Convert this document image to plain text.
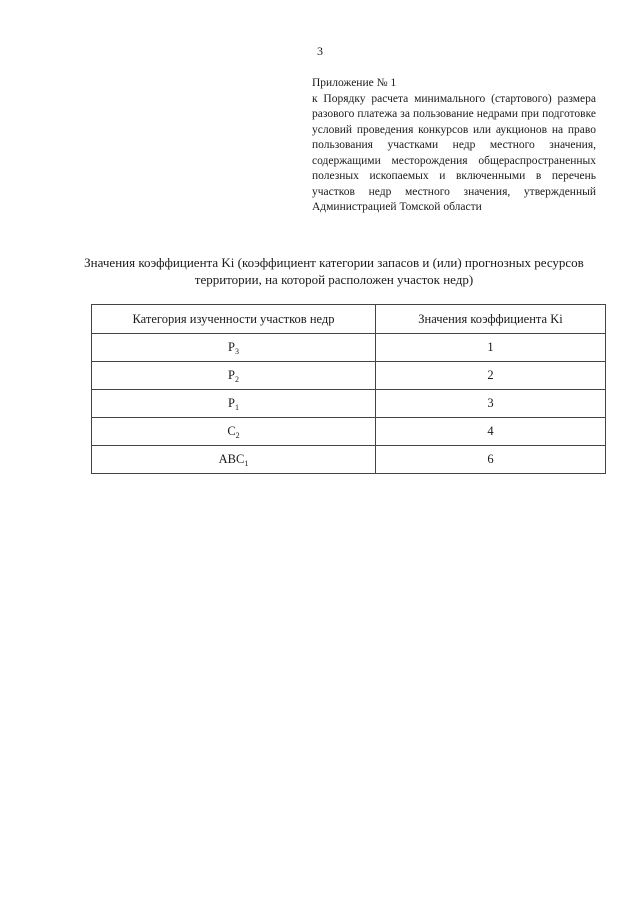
3

Приложение № 1

к Порядку расчета минимального (стартового) размера разового платежа за пользование недрами при подготовке условий проведения конкурсов или аукционов на право пользования участками недр местного значения, содержащими месторождения общераспространенных полезных ископаемых и включенными в перечень участков недр местного значения, утвержденный Администрацией Томской области

Значения коэффициента Ki (коэффициент категории запасов и (или) прогнозных ресурсов территории, на которой расположен участок недр)
Категория изученности участков недр	Значения коэффициента Ki
$P_3$	1
$P_2$	2
$P_1$	3
$C_2$	4
$ABC_1$	6
